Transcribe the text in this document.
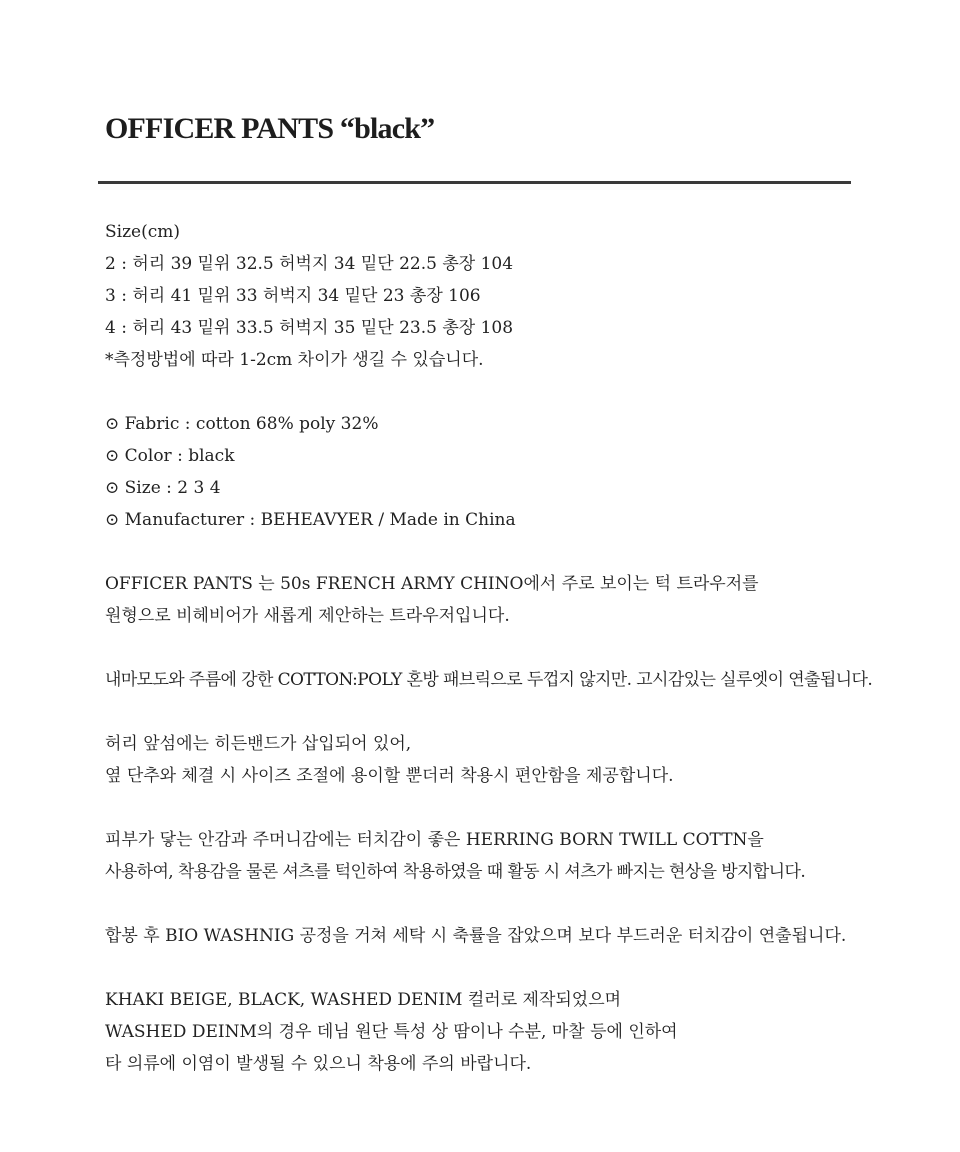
OFFICER PANTS “black”

Size(cm)

2 : 허리 39 밑위 32.5 허벅지 34 밑단 22.5 총장 104

3 : 허리 41 밑위 33 허벅지 34 밑단 23 총장 106

4 : 허리 43 밑위 33.5 허벅지 35 밑단 23.5 총장 108

*측정방법에 따라 1-2cm 차이가 생길 수 있습니다.

⊙ Fabric : cotton 68% poly 32%

⊙ Color : black

⊙ Size : 2 3 4

⊙ Manufacturer : BEHEAVYER / Made in China

OFFICER PANTS 는 50s FRENCH ARMY CHINO에서 주로 보이는 턱 트라우저를

원형으로 비헤비어가 새롭게 제안하는 트라우저입니다.

내마모도와 주름에 강한 COTTON:POLY 혼방 패브릭으로 두껍지 않지만. 고시감있는 실루엣이 연출됩니다.

허리 앞섬에는 히든밴드가 삽입되어 있어,

옆 단추와 체결 시 사이즈 조절에 용이할 뿐더러 착용시 편안함을 제공합니다.

피부가 닿는 안감과 주머니감에는 터치감이 좋은 HERRING BORN TWILL COTTN을

사용하여, 착용감을 물론 셔츠를 턱인하여 착용하였을 때 활동 시 셔츠가 빠지는 현상을 방지합니다.

합봉 후 BIO WASHNIG 공정을 거쳐 세탁 시 축률을 잡았으며 보다 부드러운 터치감이 연출됩니다.

KHAKI BEIGE, BLACK, WASHED DENIM 컬러로 제작되었으며

WASHED DEINM의 경우 데님 원단 특성 상 땀이나 수분, 마찰 등에 인하여

타 의류에 이염이 발생될 수 있으니 착용에 주의 바랍니다.
